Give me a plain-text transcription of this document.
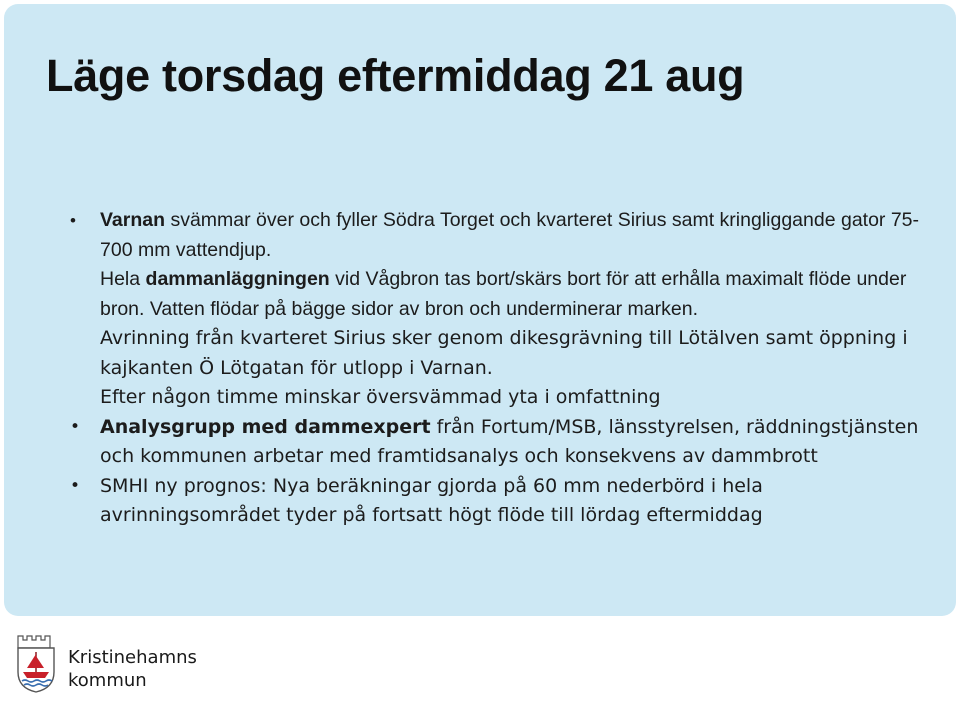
Läge torsdag eftermiddag 21 aug
• Varnan svämmar över och fyller Södra Torget och kvarteret Sirius samt kringliggande gator 75-700 mm vattendjup.
Hela dammanläggningen vid Vågbron tas bort/skärs bort för att erhålla maximalt flöde under bron. Vatten flödar på bägge sidor av bron och underminerar marken.
Avrinning från kvarteret Sirius sker genom dikesgrävning till Lötälven samt öppning i kajkanten Ö Lötgatan för utlopp i Varnan.
Efter någon timme minskar översvämmad yta i omfattning
• Analysgrupp med dammexpert från Fortum/MSB, länsstyrelsen, räddningstjänsten och kommunen arbetar med framtidsanalys och konsekvens av dammbrott
• SMHI ny prognos: Nya beräkningar gjorda på 60 mm nederbörd i hela avrinningsområdet tyder på fortsatt högt flöde till lördag eftermiddag
Kristinehamns
kommun
